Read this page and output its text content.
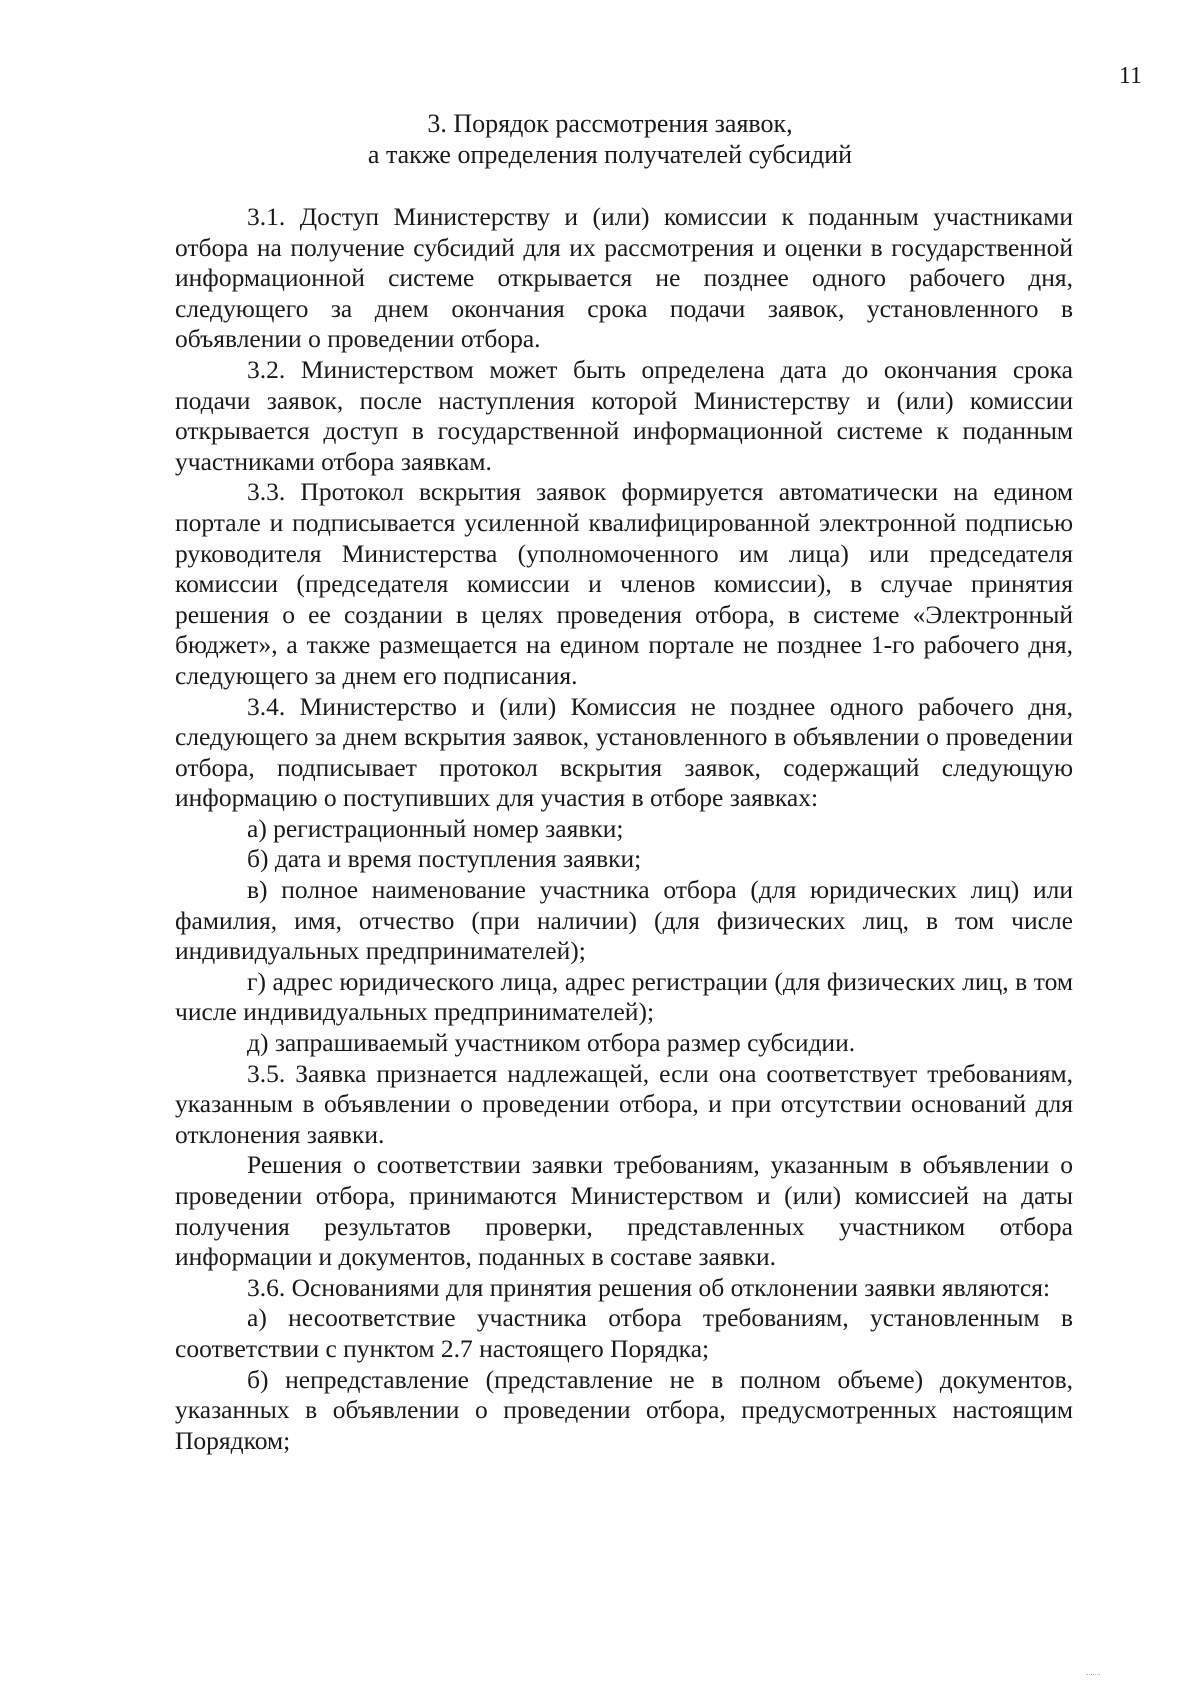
11
3. Порядок рассмотрения заявок,
а также определения получателей субсидий

3.1. Доступ Министерству и (или) комиссии к поданным участниками отбора на получение субсидий для их рассмотрения и оценки в государственной информационной системе открывается не позднее одного рабочего дня, следующего за днем окончания срока подачи заявок, установленного в объявлении о проведении отбора.

3.2. Министерством может быть определена дата до окончания срока подачи заявок, после наступления которой Министерству и (или) комиссии открывается доступ в государственной информационной системе к поданным участниками отбора заявкам.

3.3. Протокол вскрытия заявок формируется автоматически на едином портале и подписывается усиленной квалифицированной электронной подписью руководителя Министерства (уполномоченного им лица) или председателя комиссии (председателя комиссии и членов комиссии), в случае принятия решения о ее создании в целях проведения отбора, в системе «Электронный бюджет», а также размещается на едином портале не позднее 1-го рабочего дня, следующего за днем его подписания.

3.4. Министерство и (или) Комиссия не позднее одного рабочего дня, следующего за днем вскрытия заявок, установленного в объявлении о проведении отбора, подписывает протокол вскрытия заявок, содержащий следующую информацию о поступивших для участия в отборе заявках:

а) регистрационный номер заявки;

б) дата и время поступления заявки;

в) полное наименование участника отбора (для юридических лиц) или фамилия, имя, отчество (при наличии) (для физических лиц, в том числе индивидуальных предпринимателей);

г) адрес юридического лица, адрес регистрации (для физических лиц, в том числе индивидуальных предпринимателей);

д) запрашиваемый участником отбора размер субсидии.

3.5. Заявка признается надлежащей, если она соответствует требованиям, указанным в объявлении о проведении отбора, и при отсутствии оснований для отклонения заявки.

Решения о соответствии заявки требованиям, указанным в объявлении о проведении отбора, принимаются Министерством и (или) комиссией на даты получения результатов проверки, представленных участником отбора информации и документов, поданных в составе заявки.

3.6. Основаниями для принятия решения об отклонении заявки являются:

а) несоответствие участника отбора требованиям, установленным в соответствии с пунктом 2.7 настоящего Порядка;

б) непредставление (представление не в полном объеме) документов, указанных в объявлении о проведении отбора, предусмотренных настоящим Порядком;
